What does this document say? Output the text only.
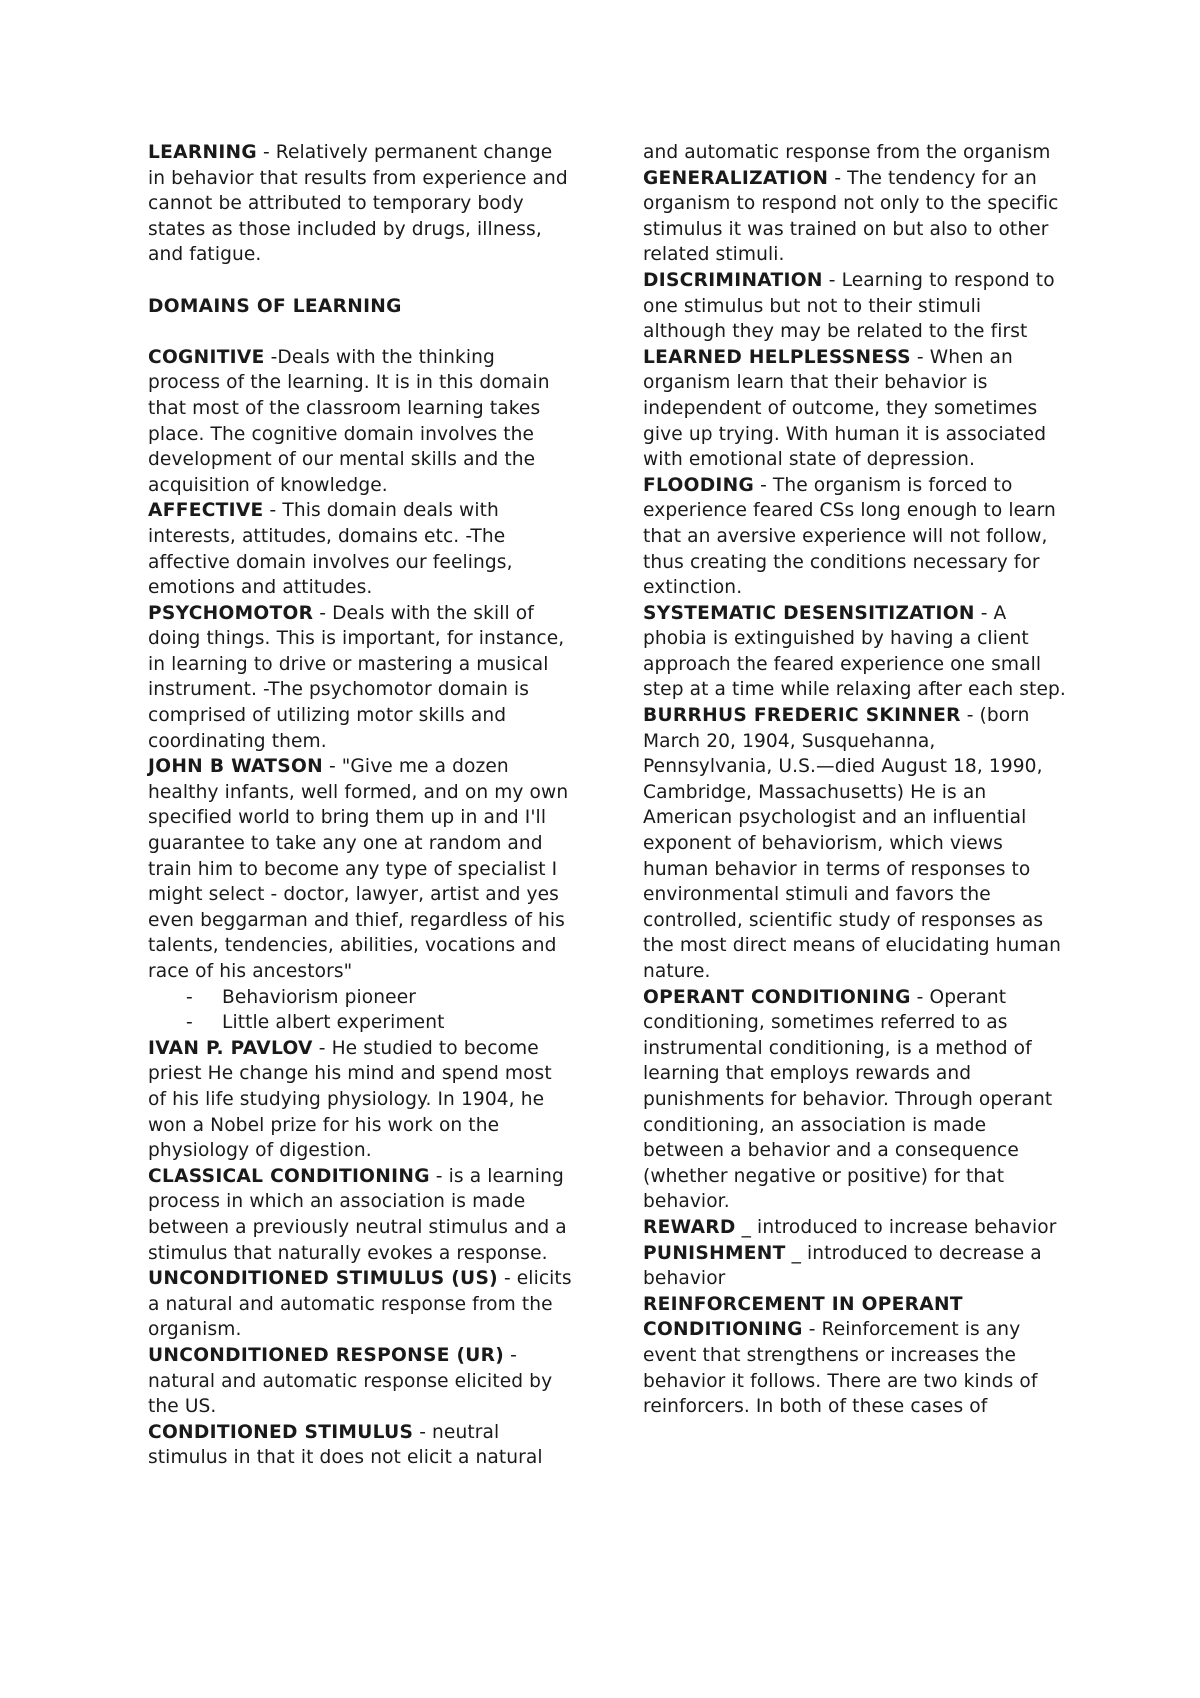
LEARNING - Relatively permanent change in behavior that results from experience and cannot be attributed to temporary body states as those included by drugs, illness, and fatigue.

DOMAINS OF LEARNING

COGNITIVE -Deals with the thinking process of the learning. It is in this domain that most of the classroom learning takes place. The cognitive domain involves the development of our mental skills and the acquisition of knowledge.

AFFECTIVE - This domain deals with interests, attitudes, domains etc. -The affective domain involves our feelings, emotions and attitudes.

PSYCHOMOTOR - Deals with the skill of doing things. This is important, for instance, in learning to drive or mastering a musical instrument. -The psychomotor domain is comprised of utilizing motor skills and coordinating them.

JOHN B WATSON - "Give me a dozen healthy infants, well formed, and on my own specified world to bring them up in and I'll guarantee to take any one at random and train him to become any type of specialist I might select - doctor, lawyer, artist and yes even beggarman and thief, regardless of his talents, tendencies, abilities, vocations and race of his ancestors"

- Behaviorism pioneer
- Little albert experiment

IVAN P. PAVLOV - He studied to become priest He change his mind and spend most of his life studying physiology. In 1904, he won a Nobel prize for his work on the physiology of digestion.

CLASSICAL CONDITIONING - is a learning process in which an association is made between a previously neutral stimulus and a stimulus that naturally evokes a response.

UNCONDITIONED STIMULUS (US) - elicits a natural and automatic response from the organism.

UNCONDITIONED RESPONSE (UR) - natural and automatic response elicited by the US.

CONDITIONED STIMULUS - neutral stimulus in that it does not elicit a natural

and automatic response from the organism

GENERALIZATION - The tendency for an organism to respond not only to the specific stimulus it was trained on but also to other related stimuli.

DISCRIMINATION - Learning to respond to one stimulus but not to their stimuli although they may be related to the first

LEARNED HELPLESSNESS - When an organism learn that their behavior is independent of outcome, they sometimes give up trying. With human it is associated with emotional state of depression.

FLOODING - The organism is forced to experience feared CSs long enough to learn that an aversive experience will not follow, thus creating the conditions necessary for extinction.

SYSTEMATIC DESENSITIZATION - A phobia is extinguished by having a client approach the feared experience one small step at a time while relaxing after each step.

BURRHUS FREDERIC SKINNER - (born March 20, 1904, Susquehanna, Pennsylvania, U.S.—died August 18, 1990, Cambridge, Massachusetts) He is an American psychologist and an influential exponent of behaviorism, which views human behavior in terms of responses to environmental stimuli and favors the controlled, scientific study of responses as the most direct means of elucidating human nature.

OPERANT CONDITIONING - Operant conditioning, sometimes referred to as instrumental conditioning, is a method of learning that employs rewards and punishments for behavior. Through operant conditioning, an association is made between a behavior and a consequence (whether negative or positive) for that behavior.

REWARD _ introduced to increase behavior

PUNISHMENT _ introduced to decrease a behavior

REINFORCEMENT IN OPERANT CONDITIONING - Reinforcement is any event that strengthens or increases the behavior it follows. There are two kinds of reinforcers. In both of these cases of
